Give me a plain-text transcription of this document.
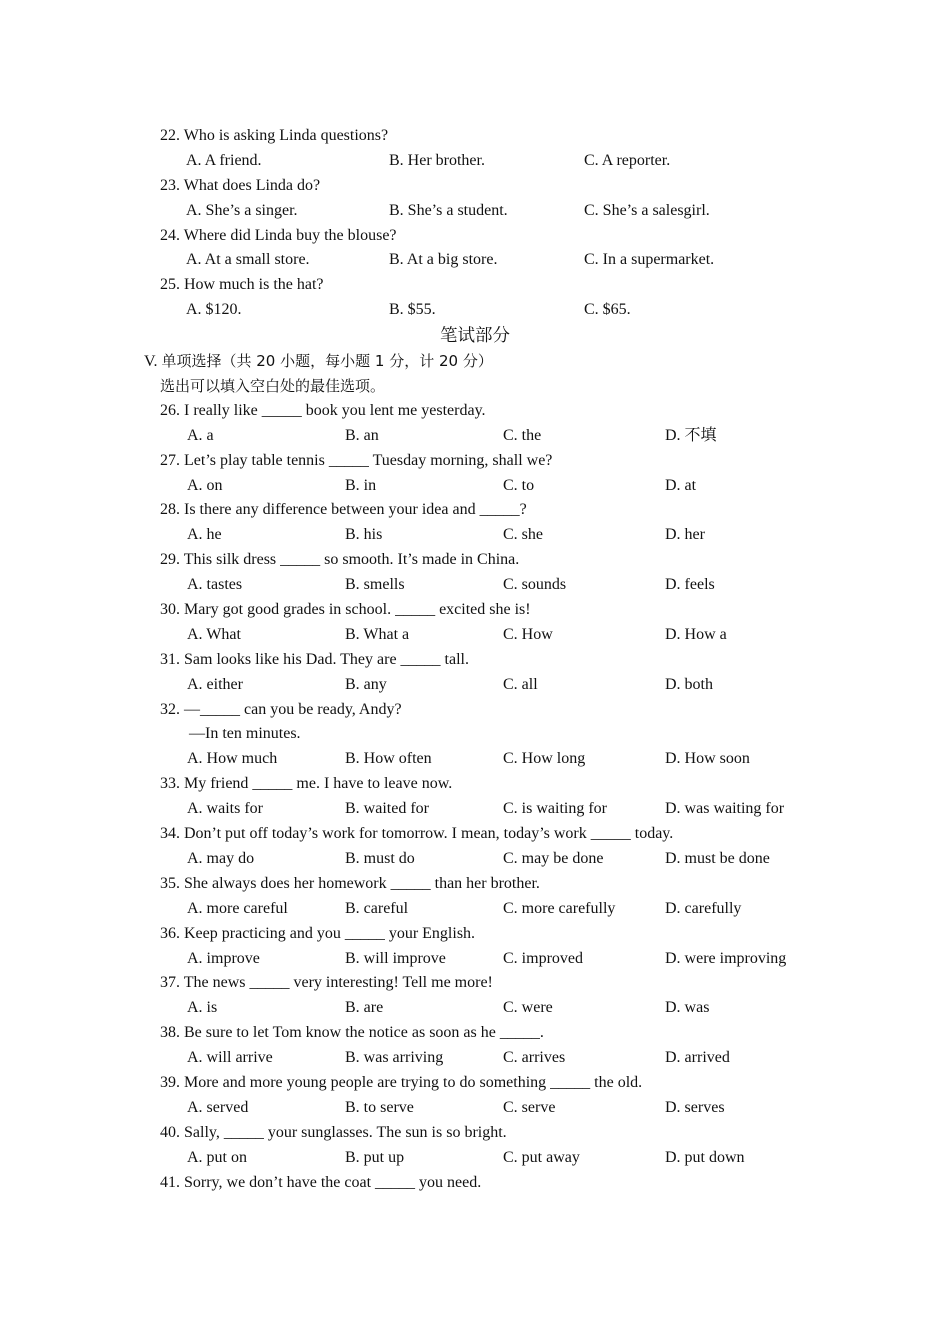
22. Who is asking Linda questions?
A. A friend.	B. Her brother.	C. A reporter.
23. What does Linda do?
A. She’s a singer.	B. She’s a student.	C. She’s a salesgirl.
24. Where did Linda buy the blouse?
A. At a small store.	B. At a big store.	C. In a supermarket.
25. How much is the hat?
A. $120.	B. $55.	C. $65.
笔试部分
V. 单项选择（共 20 小题，每小题 1 分，计 20 分）
选出可以填入空白处的最佳选项。
26. I really like _____ book you lent me yesterday.
A. a	B. an	C. the	D. 不填
27. Let’s play table tennis _____ Tuesday morning, shall we?
A. on	B. in	C. to	D. at
28. Is there any difference between your idea and _____?
A. he	B. his	C. she	D. her
29. This silk dress _____ so smooth. It’s made in China.
A. tastes	B. smells	C. sounds	D. feels
30. Mary got good grades in school. _____ excited she is!
A. What	B. What a	C. How	D. How a
31. Sam looks like his Dad. They are _____ tall.
A. either	B. any	C. all	D. both
32. —_____ can you be ready, Andy?
—In ten minutes.
A. How much	B. How often	C. How long	D. How soon
33. My friend _____ me. I have to leave now.
A. waits for	B. waited for	C. is waiting for	D. was waiting for
34. Don’t put off today’s work for tomorrow. I mean, today’s work _____ today.
A. may do	B. must do	C. may be done	D. must be done
35. She always does her homework _____ than her brother.
A. more careful	B. careful	C. more carefully	D. carefully
36. Keep practicing and you _____ your English.
A. improve	B. will improve	C. improved	D. were improving
37. The news _____ very interesting! Tell me more!
A. is	B. are	C. were	D. was
38. Be sure to let Tom know the notice as soon as he _____.
A. will arrive	B. was arriving	C. arrives	D. arrived
39. More and more young people are trying to do something _____ the old.
A. served	B. to serve	C. serve	D. serves
40. Sally, _____ your sunglasses. The sun is so bright.
A. put on	B. put up	C. put away	D. put down
41. Sorry, we don’t have the coat _____ you need.
